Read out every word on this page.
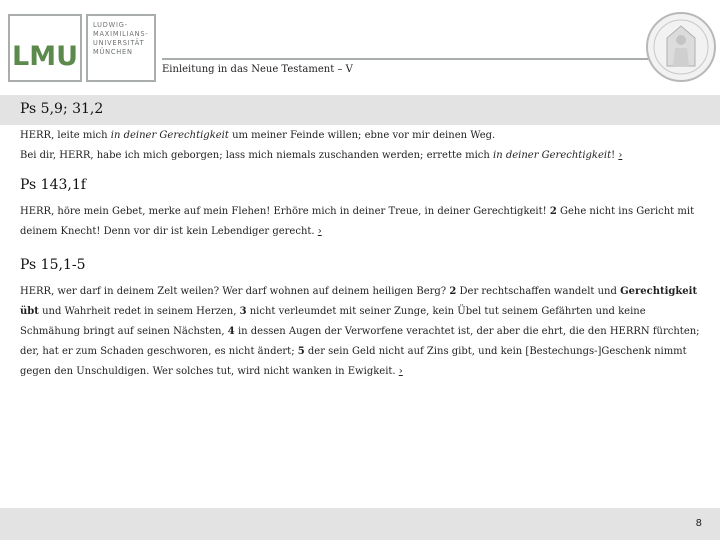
LMU
LUDWIG-
MAXIMILIANS-
UNIVERSITÄT
MÜNCHEN
Einleitung in das Neue Testament – V

Ps 5,9; 31,2

HERR, leite mich in deiner Gerechtigkeit um meiner Feinde willen; ebne vor mir deinen Weg.

Bei dir, HERR, habe ich mich geborgen; lass mich niemals zuschanden werden; errette mich in deiner Gerechtigkeit! ›

Ps 143,1f

HERR, höre mein Gebet, merke auf mein Flehen! Erhöre mich in deiner Treue, in deiner Gerechtigkeit! 2 Gehe nicht ins Gericht mit deinem Knecht! Denn vor dir ist kein Lebendiger gerecht. ›

Ps 15,1-5

HERR, wer darf in deinem Zelt weilen? Wer darf wohnen auf deinem heiligen Berg? 2 Der rechtschaffen wandelt und Gerechtigkeit übt und Wahrheit redet in seinem Herzen, 3 nicht verleumdet mit seiner Zunge, kein Übel tut seinem Gefährten und keine Schmähung bringt auf seinen Nächsten, 4 in dessen Augen der Verworfene verachtet ist, der aber die ehrt, die den HERRN fürchten; der, hat er zum Schaden geschworen, es nicht ändert; 5 der sein Geld nicht auf Zins gibt, und kein [Bestechungs-]Geschenk nimmt gegen den Unschuldigen. Wer solches tut, wird nicht wanken in Ewigkeit. ›

8
